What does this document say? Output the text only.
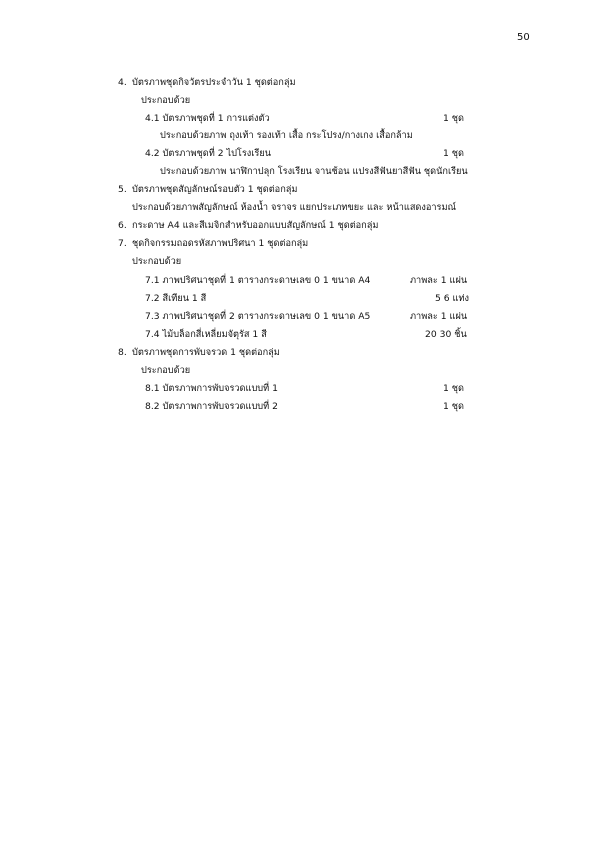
50
4. บัตรภาพชุดกิจวัตรประจำวัน 1 ชุดต่อกลุ่ม
ประกอบด้วย
4.1 บัตรภาพชุดที่ 1 การแต่งตัว	1 ชุด
ประกอบด้วยภาพ ถุงเท้า รองเท้า เสื้อ กระโปรง/กางเกง เสื้อกล้าม
4.2 บัตรภาพชุดที่ 2 ไปโรงเรียน	1 ชุด
ประกอบด้วยภาพ นาฬิกาปลุก โรงเรียน จานช้อน แปรงสีฟันยาสีฟัน ชุดนักเรียน
5. บัตรภาพชุดสัญลักษณ์รอบตัว 1 ชุดต่อกลุ่ม
ประกอบด้วยภาพสัญลักษณ์ ห้องน้ำ จราจร แยกประเภทขยะ และ หน้าแสดงอารมณ์
6. กระดาษ A4 และสีเมจิกสำหรับออกแบบสัญลักษณ์ 1 ชุดต่อกลุ่ม
7. ชุดกิจกรรมถอดรหัสภาพปริศนา 1 ชุดต่อกลุ่ม
ประกอบด้วย
7.1 ภาพปริศนาชุดที่ 1 ตารางกระดาษเลข 0 1 ขนาด A4	ภาพละ 1 แผ่น
7.2 สีเทียน 1 สี	5 6 แท่ง
7.3 ภาพปริศนาชุดที่ 2 ตารางกระดาษเลข 0 1 ขนาด A5	ภาพละ 1 แผ่น
7.4 ไม้บล็อกสี่เหลี่ยมจัตุรัส 1 สี	20 30 ชิ้น
8. บัตรภาพชุดการพับจรวด 1 ชุดต่อกลุ่ม
ประกอบด้วย
8.1 บัตรภาพการพับจรวดแบบที่ 1	1 ชุด
8.2 บัตรภาพการพับจรวดแบบที่ 2	1 ชุด
